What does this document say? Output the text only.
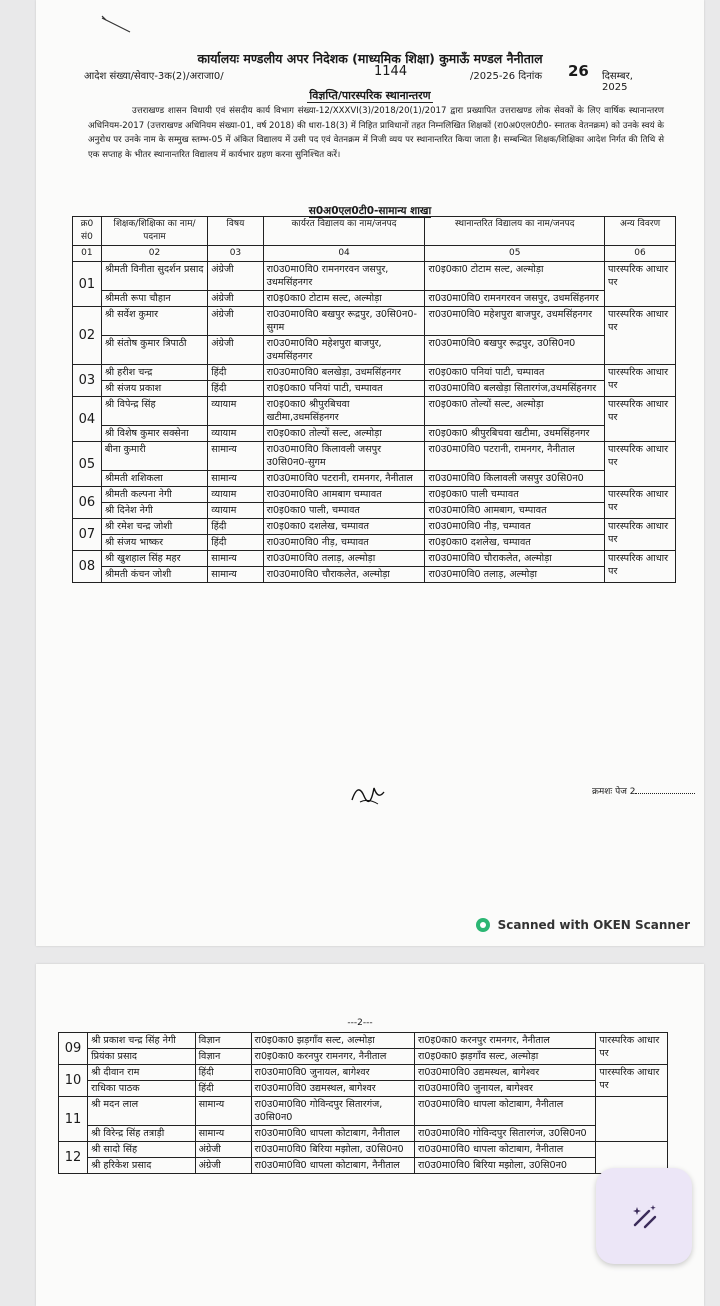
कार्यालयः मण्डलीय अपर निदेशक (माध्यमिक शिक्षा) कुमाऊँ मण्डल नैनीताल
आदेश संख्या/सेवाए-3क(2)/अराजा0/	1144	/2025-26 दिनांक 26 दिसम्बर, 2025
विज्ञप्ति/पारस्परिक स्थानान्तरण
उत्तराखण्ड शासन विधायी एवं संसदीय कार्य विभाग संख्या-12/XXXVI(3)/2018/20(1)/2017 द्वारा प्रख्यापित उत्तराखण्ड लोक सेवकों के लिए वार्षिक स्थानान्तरण अधिनियम-2017 (उत्तराखण्ड अधिनियम संख्या-01, वर्ष 2018) की धारा-18(3) में निहित प्राविधानों तहत निम्नलिखित शिक्षकों (रा0अ0एल0टी0- स्नातक वेतनक्रम) को उनके स्वयं के अनुरोध पर उनके नाम के सम्मुख स्तम्भ-05 में अंकित विद्यालय में उसी पद एवं वेतनक्रम में निजी व्यय पर स्थानान्तरित किया जाता है। सम्बन्धित शिक्षक/शिक्षिका आदेश निर्गत की तिथि से एक सप्ताह के भीतर स्थानान्तरित विद्यालय में कार्यभार ग्रहण करना सुनिश्चित करें।
स0अ0एल0टी0-सामान्य शाखा
क्रमशः पेज 2
Scanned with OKEN Scanner
क्र0 सं0	शिक्षक/शिक्षिका का नाम/पदनाम	विषय	कार्यरत विद्यालय का नाम/जनपद	स्थानान्तरित विद्यालय का नाम/जनपद	अन्य विवरण
01	02	03	04	05	06
01	श्रीमती विनीता सुदर्शन प्रसाद	अंग्रेजी	रा0उ0मा0वि0 रामनगरवन जसपुर, उधमसिंहनगर	रा0इ0का0 टोटाम सल्ट, अल्मोड़ा	पारस्परिक आधार पर
	श्रीमती रूपा चौहान	अंग्रेजी	रा0इ0का0 टोटाम सल्ट, अल्मोड़ा	रा0उ0मा0वि0 रामनगरवन जसपुर, उधमसिंहनगर	
02	श्री सर्वेश कुमार	अंग्रेजी	रा0उ0मा0वि0 बखपुर रूद्रपुर, उ0सि0न0-सुगम	रा0उ0मा0वि0 महेशपुरा बाजपुर, उधमसिंहनगर	पारस्परिक आधार पर
	श्री संतोष कुमार त्रिपाठी	अंग्रेजी	रा0उ0मा0वि0 महेशपुरा बाजपुर, उधमसिंहनगर	रा0उ0मा0वि0 बखपुर रूद्रपुर, उ0सि0न0	
03	श्री हरीश चन्द्र	हिंदी	रा0उ0मा0वि0 बलखेड़ा, उधमसिंहनगर	रा0इ0का0 पनियां पाटी, चम्पावत	पारस्परिक आधार पर
	श्री संजय प्रकाश	हिंदी	रा0इ0का0 पनियां पाटी, चम्पावत	रा0उ0मा0वि0 बलखेड़ा सितारगंज,उधमसिंहनगर	
04	श्री विपेन्द्र सिंह	व्यायाम	रा0इ0का0 श्रीपुरबिचवा खटीमा,उधमसिंहनगर	रा0इ0का0 तोल्यों सल्ट, अल्मोड़ा	पारस्परिक आधार पर
	श्री विशेष कुमार सक्सेना	व्यायाम	रा0इ0का0 तोल्यों सल्ट, अल्मोड़ा	रा0इ0का0 श्रीपुरबिचवा खटीमा, उधमसिंहनगर	
05	बीना कुमारी	सामान्य	रा0उ0मा0वि0 किलावली जसपुर उ0सि0न0-सुगम	रा0उ0मा0वि0 पटरानी, रामनगर, नैनीताल	पारस्परिक आधार पर
	श्रीमती शशिकला	सामान्य	रा0उ0मा0वि0 पटरानी, रामनगर, नैनीताल	रा0उ0मा0वि0 किलावली जसपुर उ0सि0न0	
06	श्रीमती कल्पना नेगी	व्यायाम	रा0उ0मा0वि0 आमबाग चम्पावत	रा0इ0का0 पाली चम्पावत	पारस्परिक आधार पर
	श्री दिनेश नेगी	व्यायाम	रा0इ0का0 पाली, चम्पावत	रा0उ0मा0वि0 आमबाग, चम्पावत	
07	श्री रमेश चन्द्र जोशी	हिंदी	रा0इ0का0 दशलेख, चम्पावत	रा0उ0मा0वि0 नीड़, चम्पावत	पारस्परिक आधार पर
	श्री संजय भाष्कर	हिंदी	रा0उ0मा0वि0 नीड़, चम्पावत	रा0इ0का0 दशलेख, चम्पावत	
08	श्री खुशहाल सिंह महर	सामान्य	रा0उ0मा0वि0 तलाड़, अल्मोड़ा	रा0उ0मा0वि0 चौराकलेत, अल्मोड़ा	पारस्परिक आधार पर
	श्रीमती कंचन जोशी	सामान्य	रा0उ0मा0वि0 चौराकलेत, अल्मोड़ा	रा0उ0मा0वि0 तलाड़, अल्मोड़ा	
---2---
09	श्री प्रकाश चन्द्र सिंह नेगी	विज्ञान	रा0इ0का0 झड़गाँव सल्ट, अल्मोड़ा	रा0इ0का0 करनपुर रामनगर, नैनीताल	पारस्परिक आधार पर
	प्रियंका प्रसाद	विज्ञान	रा0इ0का0 करनपुर रामनगर, नैनीताल	रा0इ0का0 झड़गाँव सल्ट, अल्मोड़ा	
10	श्री दीवान राम	हिंदी	रा0उ0मा0वि0 जुनायल, बागेश्वर	रा0उ0मा0वि0 उद्यमस्थल, बागेश्वर	पारस्परिक आधार पर
	राधिका पाठक	हिंदी	रा0उ0मा0वि0 उद्यमस्थल, बागेश्वर	रा0उ0मा0वि0 जुनायल, बागेश्वर	
11	श्री मदन लाल	सामान्य	रा0उ0मा0वि0 गोविन्दपुर सितारगंज, उ0सि0न0	रा0उ0मा0वि0 धापला कोटाबाग, नैनीताल	
	श्री विरेन्द्र सिंह तत्राड़ी	सामान्य	रा0उ0मा0वि0 धापला कोटाबाग, नैनीताल	रा0उ0मा0वि0 गोविन्दपुर सितारगंज, उ0सि0न0	
12	श्री सादो सिंह	अंग्रेजी	रा0उ0मा0वि0 बिरिया मझोला, उ0सि0न0	रा0उ0मा0वि0 धापला कोटाबाग, नैनीताल	
	श्री हरिकेश प्रसाद	अंग्रेजी	रा0उ0मा0वि0 धापला कोटाबाग, नैनीताल	रा0उ0मा0वि0 बिरिया मझोला, उ0सि0न0	
